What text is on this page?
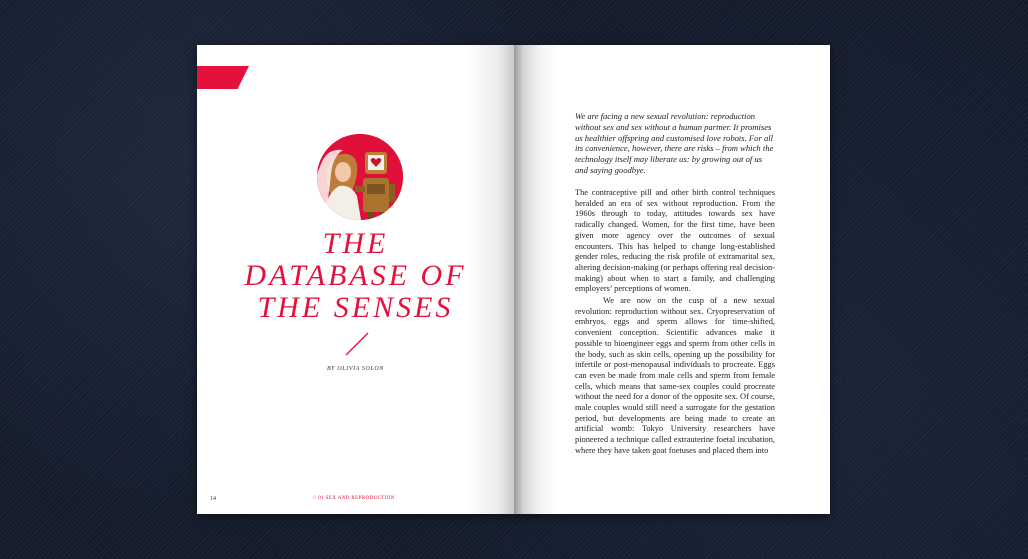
THE
DATABASE OF
THE SENSES
BY OLIVIA SOLON
14	// 01 SEX AND REPRODUCTION
We are facing a new sexual revolution: reproduction without sex and sex without a human partner. It promises us healthier offspring and customised love robots. For all its convenience, however, there are risks – from which the technology itself may liberate us: by growing out of us and saying goodbye.
The contraceptive pill and other birth control techniques heralded an era of sex without reproduction. From the 1960s through to today, attitudes towards sex have radically changed. Women, for the first time, have been given more agency over the outcomes of sexual encounters. This has helped to change long-established gender roles, reducing the risk profile of extramarital sex, altering decision-making (or perhaps offering real decision-making) about when to start a family, and challenging employers’ perceptions of women.
We are now on the cusp of a new sexual revolution: reproduction without sex. Cryopreservation of embryos, eggs and sperm allows for time-shifted, convenient conception. Scientific advances make it possible to bioengineer eggs and sperm from other cells in the body, such as skin cells, opening up the possibility for infertile or post-menopausal individuals to procreate. Eggs can even be made from male cells and sperm from female cells, which means that same-sex couples could procreate without the need for a donor of the opposite sex. Of course, male couples would still need a surrogate for the gestation period, but developments are being made to create an artificial womb: Tokyo University researchers have pioneered a technique called extrauterine foetal incubation, where they have taken goat foetuses and placed them into
